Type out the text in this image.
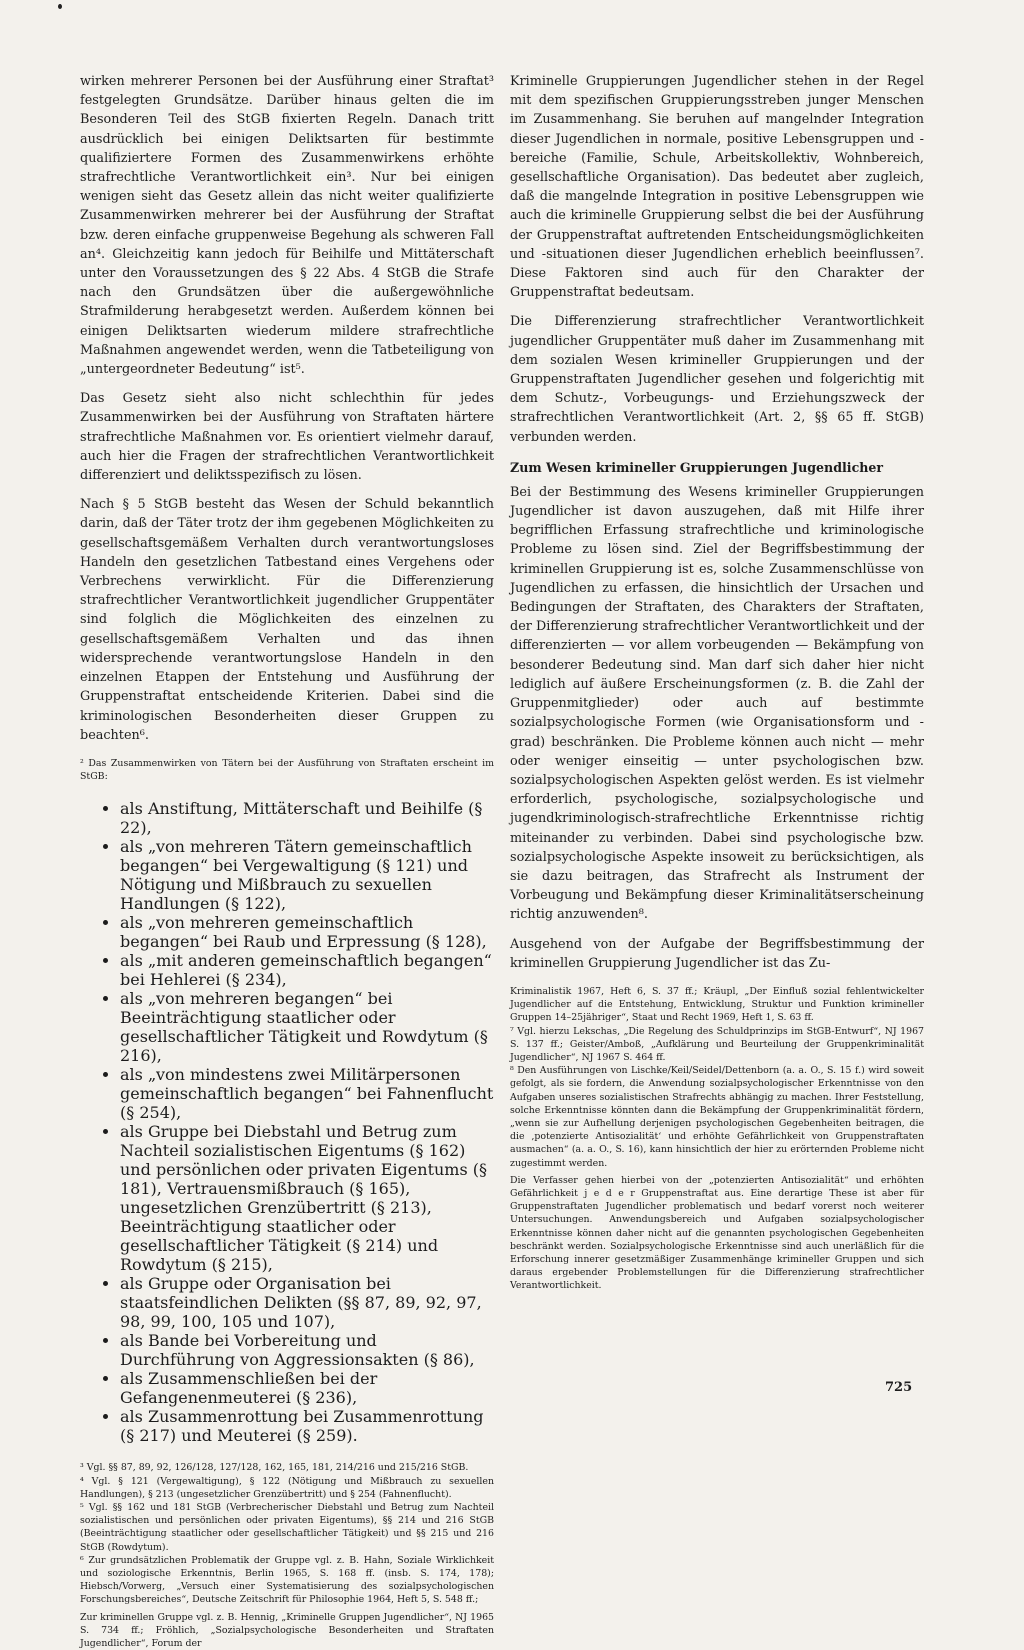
wirken mehrerer Personen bei der Ausführung einer Straftat³ festgelegten Grundsätze. Darüber hinaus gelten die im Besonderen Teil des StGB fixierten Regeln. Danach tritt ausdrücklich bei einigen Deliktsarten für bestimmte qualifiziertere Formen des Zusammenwirkens erhöhte strafrechtliche Verantwortlichkeit ein³. Nur bei einigen wenigen sieht das Gesetz allein das nicht weiter qualifizierte Zusammenwirken mehrerer bei der Ausführung der Straftat bzw. deren einfache gruppenweise Begehung als schweren Fall an⁴. Gleichzeitig kann jedoch für Beihilfe und Mittäterschaft unter den Voraussetzungen des § 22 Abs. 4 StGB die Strafe nach den Grundsätzen über die außergewöhnliche Strafmilderung herabgesetzt werden. Außerdem können bei einigen Deliktsarten wiederum mildere strafrechtliche Maßnahmen angewendet werden, wenn die Tatbeteiligung von „untergeordneter Bedeutung“ ist⁵.

Das Gesetz sieht also nicht schlechthin für jedes Zusammenwirken bei der Ausführung von Straftaten härtere strafrechtliche Maßnahmen vor. Es orientiert vielmehr darauf, auch hier die Fragen der strafrechtlichen Verantwortlichkeit differenziert und deliktsspezifisch zu lösen.

Nach § 5 StGB besteht das Wesen der Schuld bekanntlich darin, daß der Täter trotz der ihm gegebenen Möglichkeiten zu gesellschaftsgemäßem Verhalten durch verantwortungsloses Handeln den gesetzlichen Tatbestand eines Vergehens oder Verbrechens verwirklicht. Für die Differenzierung strafrechtlicher Verantwortlichkeit jugendlicher Gruppentäter sind folglich die Möglichkeiten des einzelnen zu gesellschaftsgemäßem Verhalten und das ihnen widersprechende verantwortungslose Handeln in den einzelnen Etappen der Entstehung und Ausführung der Gruppenstraftat entscheidende Kriterien. Dabei sind die kriminologischen Besonderheiten dieser Gruppen zu beachten⁶.

² Das Zusammenwirken von Tätern bei der Ausführung von Straftaten erscheint im StGB:

• als Anstiftung, Mittäterschaft und Beihilfe (§ 22),
• als „von mehreren Tätern gemeinschaftlich begangen“ bei Vergewaltigung (§ 121) und Nötigung und Mißbrauch zu sexuellen Handlungen (§ 122),
• als „von mehreren gemeinschaftlich begangen“ bei Raub und Erpressung (§ 128),
• als „mit anderen gemeinschaftlich begangen“ bei Hehlerei (§ 234),
• als „von mehreren begangen“ bei Beeinträchtigung staatlicher oder gesellschaftlicher Tätigkeit und Rowdytum (§ 216),
• als „von mindestens zwei Militärpersonen gemeinschaftlich begangen“ bei Fahnenflucht (§ 254),
• als Gruppe bei Diebstahl und Betrug zum Nachteil sozialistischen Eigentums (§ 162) und persönlichen oder privaten Eigentums (§ 181), Vertrauensmißbrauch (§ 165), ungesetzlichen Grenzübertritt (§ 213), Beeinträchtigung staatlicher oder gesellschaftlicher Tätigkeit (§ 214) und Rowdytum (§ 215),
• als Gruppe oder Organisation bei staatsfeindlichen Delikten (§§ 87, 89, 92, 97, 98, 99, 100, 105 und 107),
• als Bande bei Vorbereitung und Durchführung von Aggressionsakten (§ 86),
• als Zusammenschließen bei der Gefangenenmeuterei (§ 236),
• als Zusammenrottung bei Zusammenrottung (§ 217) und Meuterei (§ 259).

³ Vgl. §§ 87, 89, 92, 126/128, 127/128, 162, 165, 181, 214/216 und 215/216 StGB.

⁴ Vgl. § 121 (Vergewaltigung), § 122 (Nötigung und Mißbrauch zu sexuellen Handlungen), § 213 (ungesetzlicher Grenzübertritt) und § 254 (Fahnenflucht).

⁵ Vgl. §§ 162 und 181 StGB (Verbrecherischer Diebstahl und Betrug zum Nachteil sozialistischen und persönlichen oder privaten Eigentums), §§ 214 und 216 StGB (Beeinträchtigung staatlicher oder gesellschaftlicher Tätigkeit) und §§ 215 und 216 StGB (Rowdytum).

⁶ Zur grundsätzlichen Problematik der Gruppe vgl. z. B. Hahn, Soziale Wirklichkeit und soziologische Erkenntnis, Berlin 1965, S. 168 ff. (insb. S. 174, 178); Hiebsch/Vorwerg, „Versuch einer Systematisierung des sozialpsychologischen Forschungsbereiches“, Deutsche Zeitschrift für Philosophie 1964, Heft 5, S. 548 ff.;

Zur kriminellen Gruppe vgl. z. B. Hennig, „Kriminelle Gruppen Jugendlicher“, NJ 1965 S. 734 ff.; Fröhlich, „Sozialpsychologische Besonderheiten und Straftaten Jugendlicher“, Forum der

Kriminelle Gruppierungen Jugendlicher stehen in der Regel mit dem spezifischen Gruppierungsstreben junger Menschen im Zusammenhang. Sie beruhen auf mangelnder Integration dieser Jugendlichen in normale, positive Lebensgruppen und -bereiche (Familie, Schule, Arbeitskollektiv, Wohnbereich, gesellschaftliche Organisation). Das bedeutet aber zugleich, daß die mangelnde Integration in positive Lebensgruppen wie auch die kriminelle Gruppierung selbst die bei der Ausführung der Gruppenstraftat auftretenden Entscheidungsmöglichkeiten und -situationen dieser Jugendlichen erheblich beeinflussen⁷. Diese Faktoren sind auch für den Charakter der Gruppenstraftat bedeutsam.

Die Differenzierung strafrechtlicher Verantwortlichkeit jugendlicher Gruppentäter muß daher im Zusammenhang mit dem sozialen Wesen krimineller Gruppierungen und der Gruppenstraftaten Jugendlicher gesehen und folgerichtig mit dem Schutz-, Vorbeugungs- und Erziehungszweck der strafrechtlichen Verantwortlichkeit (Art. 2, §§ 65 ff. StGB) verbunden werden.

Zum Wesen krimineller Gruppierungen Jugendlicher

Bei der Bestimmung des Wesens krimineller Gruppierungen Jugendlicher ist davon auszugehen, daß mit Hilfe ihrer begrifflichen Erfassung strafrechtliche und kriminologische Probleme zu lösen sind. Ziel der Begriffsbestimmung der kriminellen Gruppierung ist es, solche Zusammenschlüsse von Jugendlichen zu erfassen, die hinsichtlich der Ursachen und Bedingungen der Straftaten, des Charakters der Straftaten, der Differenzierung strafrechtlicher Verantwortlichkeit und der differenzierten — vor allem vorbeugenden — Bekämpfung von besonderer Bedeutung sind. Man darf sich daher hier nicht lediglich auf äußere Erscheinungsformen (z. B. die Zahl der Gruppenmitglieder) oder auch auf bestimmte sozialpsychologische Formen (wie Organisationsform und -grad) beschränken. Die Probleme können auch nicht — mehr oder weniger einseitig — unter psychologischen bzw. sozialpsychologischen Aspekten gelöst werden. Es ist vielmehr erforderlich, psychologische, sozialpsychologische und jugendkriminologisch-strafrechtliche Erkenntnisse richtig miteinander zu verbinden. Dabei sind psychologische bzw. sozialpsychologische Aspekte insoweit zu berücksichtigen, als sie dazu beitragen, das Strafrecht als Instrument der Vorbeugung und Bekämpfung dieser Kriminalitätserscheinung richtig anzuwenden⁸.

Ausgehend von der Aufgabe der Begriffsbestimmung der kriminellen Gruppierung Jugendlicher ist das Zu-

Kriminalistik 1967, Heft 6, S. 37 ff.; Kräupl, „Der Einfluß sozial fehlentwickelter Jugendlicher auf die Entstehung, Entwicklung, Struktur und Funktion krimineller Gruppen 14–25jähriger“, Staat und Recht 1969, Heft 1, S. 63 ff.

⁷ Vgl. hierzu Lekschas, „Die Regelung des Schuldprinzips im StGB-Entwurf“, NJ 1967 S. 137 ff.; Geister/Amboß, „Aufklärung und Beurteilung der Gruppenkriminalität Jugendlicher“, NJ 1967 S. 464 ff.

⁸ Den Ausführungen von Lischke/Keil/Seidel/Dettenborn (a. a. O., S. 15 f.) wird soweit gefolgt, als sie fordern, die Anwendung sozialpsychologischer Erkenntnisse von den Aufgaben unseres sozialistischen Strafrechts abhängig zu machen. Ihrer Feststellung, solche Erkenntnisse könnten dann die Bekämpfung der Gruppenkriminalität fördern, „wenn sie zur Aufhellung derjenigen psychologischen Gegebenheiten beitragen, die die ‚potenzierte Antisozialität‘ und erhöhte Gefährlichkeit von Gruppenstraftaten ausmachen“ (a. a. O., S. 16), kann hinsichtlich der hier zu erörternden Probleme nicht zugestimmt werden.

Die Verfasser gehen hierbei von der „potenzierten Antisozialität“ und erhöhten Gefährlichkeit j e d e r Gruppenstraftat aus. Eine derartige These ist aber für Gruppenstraftaten Jugendlicher problematisch und bedarf vorerst noch weiterer Untersuchungen. Anwendungsbereich und Aufgaben sozialpsychologischer Erkenntnisse können daher nicht auf die genannten psychologischen Gegebenheiten beschränkt werden. Sozialpsychologische Erkenntnisse sind auch unerläßlich für die Erforschung innerer gesetzmäßiger Zusammenhänge krimineller Gruppen und sich daraus ergebender Problemstellungen für die Differenzierung strafrechtlicher Verantwortlichkeit.

725
